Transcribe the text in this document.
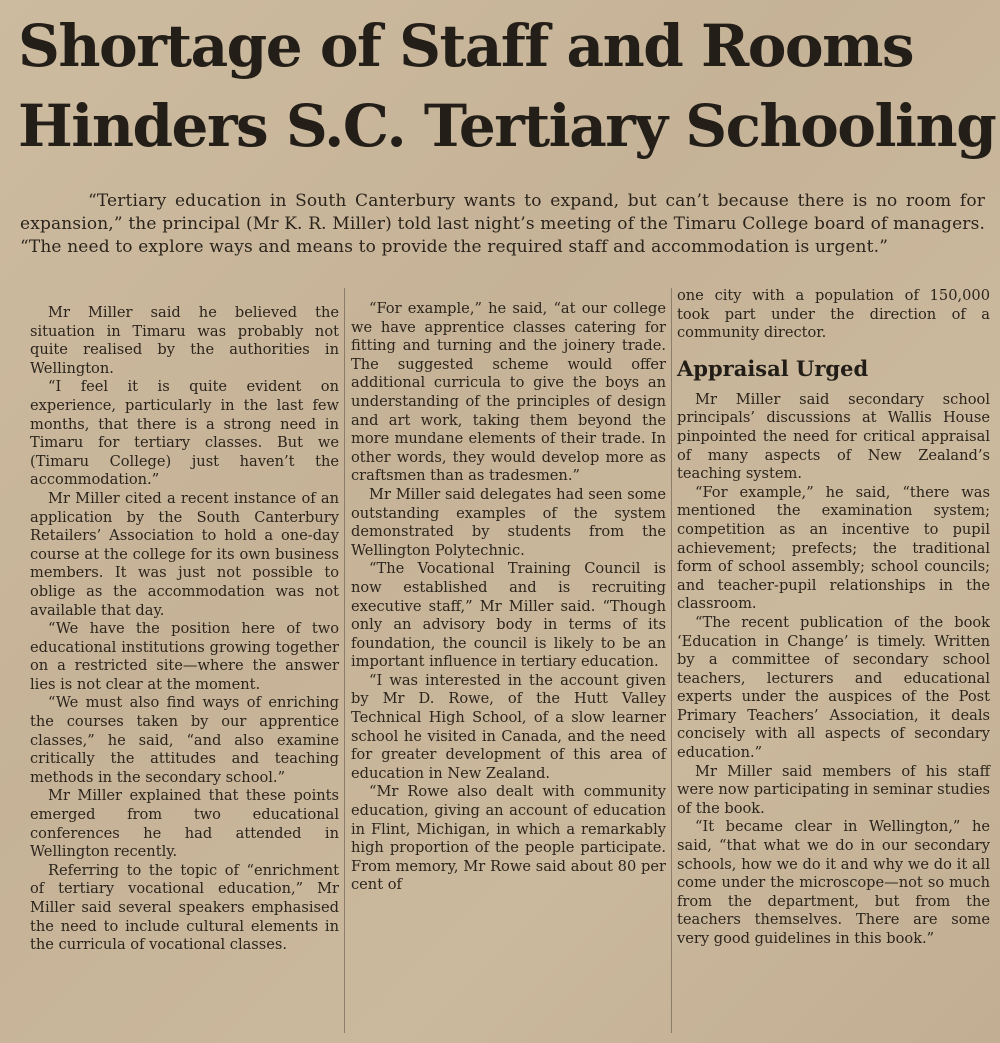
Shortage of Staff and Rooms
Hinders S.C. Tertiary Schooling

“Tertiary education in South Canterbury wants to expand, but can’t because there is no room for expansion,” the principal (Mr K. R. Miller) told last night’s meeting of the Timaru College board of managers. “The need to explore ways and means to provide the required staff and accommodation is urgent.”

Mr Miller said he believed the situation in Timaru was probably not quite realised by the authorities in Wellington.

“I feel it is quite evident on experience, particularly in the last few months, that there is a strong need in Timaru for tertiary classes. But we (Timaru College) just haven’t the accommodation.”

Mr Miller cited a recent instance of an application by the South Canterbury Retailers’ Association to hold a one-day course at the college for its own business members. It was just not possible to oblige as the accommodation was not available that day.

“We have the position here of two educational institutions growing together on a restricted site—where the answer lies is not clear at the moment.

“We must also find ways of enriching the courses taken by our apprentice classes,” he said, “and also examine critically the attitudes and teaching methods in the secondary school.”

Mr Miller explained that these points emerged from two educational conferences he had attended in Wellington recently.

Referring to the topic of “enrichment of tertiary vocational education,” Mr Miller said several speakers emphasised the need to include cultural elements in the curricula of vocational classes.

“For example,” he said, “at our college we have apprentice classes catering for fitting and turning and the joinery trade. The suggested scheme would offer additional curricula to give the boys an understanding of the principles of design and art work, taking them beyond the more mundane elements of their trade. In other words, they would develop more as craftsmen than as tradesmen.”

Mr Miller said delegates had seen some outstanding examples of the system demonstrated by students from the Wellington Polytechnic.

“The Vocational Training Council is now established and is recruiting executive staff,” Mr Miller said. “Though only an advisory body in terms of its foundation, the council is likely to be an important influence in tertiary education.

“I was interested in the account given by Mr D. Rowe, of the Hutt Valley Technical High School, of a slow learner school he visited in Canada, and the need for greater development of this area of education in New Zealand.

“Mr Rowe also dealt with community education, giving an account of education in Flint, Michigan, in which a remarkably high proportion of the people participate. From memory, Mr Rowe said about 80 per cent of

one city with a population of 150,000 took part under the direction of a community director.

Appraisal Urged

Mr Miller said secondary school principals’ discussions at Wallis House pinpointed the need for critical appraisal of many aspects of New Zealand’s teaching system.

“For example,” he said, “there was mentioned the examination system; competition as an incentive to pupil achievement; prefects; the traditional form of school assembly; school councils; and teacher-pupil relationships in the classroom.

“The recent publication of the book ‘Education in Change’ is timely. Written by a committee of secondary school teachers, lecturers and educational experts under the auspices of the Post Primary Teachers’ Association, it deals concisely with all aspects of secondary education.”

Mr Miller said members of his staff were now participating in seminar studies of the book.

“It became clear in Wellington,” he said, “that what we do in our secondary schools, how we do it and why we do it all come under the microscope—not so much from the department, but from the teachers themselves. There are some very good guidelines in this book.”
